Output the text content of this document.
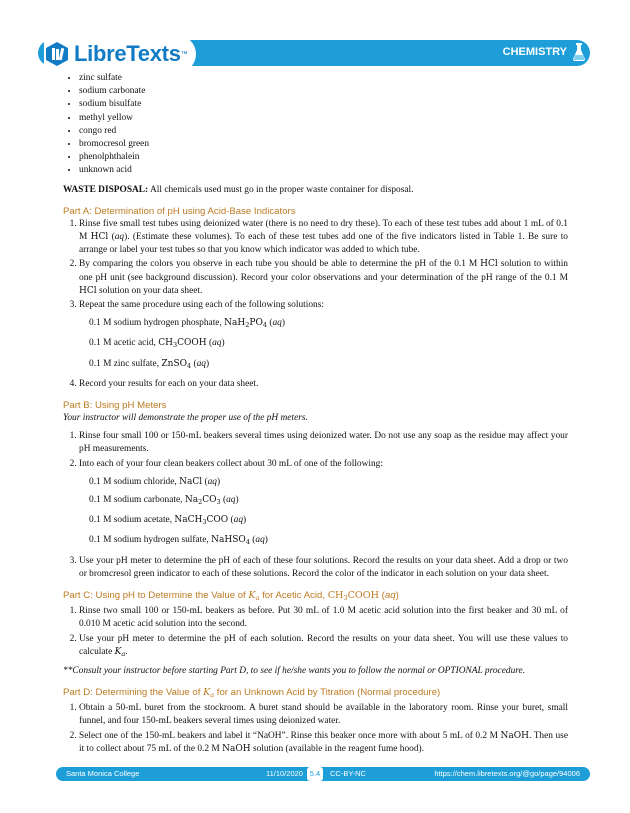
LibreTexts ™	CHEMISTRY
• zinc sulfate
• sodium carbonate
• sodium bisulfate
• methyl yellow
• congo red
• bromocresol green
• phenolphthalein
• unknown acid

WASTE DISPOSAL: All chemicals used must go in the proper waste container for disposal.

Part A: Determination of pH using Acid-Base Indicators
1. Rinse five small test tubes using deionized water (there is no need to dry these). To each of these test tubes add about 1 mL of 0.1 M HCl (aq). (Estimate these volumes). To each of these test tubes add one of the five indicators listed in Table 1. Be sure to arrange or label your test tubes so that you know which indicator was added to which tube.
2. By comparing the colors you observe in each tube you should be able to determine the pH of the 0.1 M HCl solution to within one pH unit (see background discussion). Record your color observations and your determination of the pH range of the 0.1 M HCl solution on your data sheet.
3. Repeat the same procedure using each of the following solutions:
0.1 M sodium hydrogen phosphate, $NaH_2PO_4$ (aq)
0.1 M acetic acid, $CH_3COOH$ (aq)
0.1 M zinc sulfate, ZnSO$_4$ (aq)
4. Record your results for each on your data sheet.
Part B: Using pH Meters

Your instructor will demonstrate the proper use of the pH meters.

1. Rinse four small 100 or 150-mL beakers several times using deionized water. Do not use any soap as the residue may affect your pH measurements.
2. Into each of your four clean beakers collect about 30 mL of one of the following:
0.1 M sodium chloride, NaCl (aq)
0.1 M sodium carbonate, $Na_2CO_3$ (aq)
0.1 M sodium acetate, NaCH$_3$COO (aq)
0.1 M sodium hydrogen sulfate, NaHSO$_4$ (aq)
3. Use your pH meter to determine the pH of each of these four solutions. Record the results on your data sheet. Add a drop or two or bromcresol green indicator to each of these solutions. Record the color of the indicator in each solution on your data sheet.
Part C: Using pH to Determine the Value of $K_a$ for Acetic Acid, $CH_3COOH$ (aq)
1. Rinse two small 100 or 150-mL beakers as before. Put 30 mL of 1.0 M acetic acid solution into the first beaker and 30 mL of 0.010 M acetic acid solution into the second.
2. Use your pH meter to determine the pH of each solution. Record the results on your data sheet. You will use these values to calculate $K_a$.

**Consult your instructor before starting Part D, to see if he/she wants you to follow the normal or OPTIONAL procedure.

Part D: Determining the Value of $K_a$ for an Unknown Acid by Titration (Normal procedure)
1. Obtain a 50-mL buret from the stockroom. A buret stand should be available in the laboratory room. Rinse your buret, small funnel, and four 150-mL beakers several times using deionized water.
2. Select one of the 150-mL beakers and label it “NaOH”. Rinse this beaker once more with about 5 mL of 0.2 M NaOH. Then use it to collect about 75 mL of the 0.2 M NaOH solution (available in the reagent fume hood).
Santa Monica College	11/10/2020 5.4	CC-BY-NC	https://chem.libretexts.org/@go/page/94006
